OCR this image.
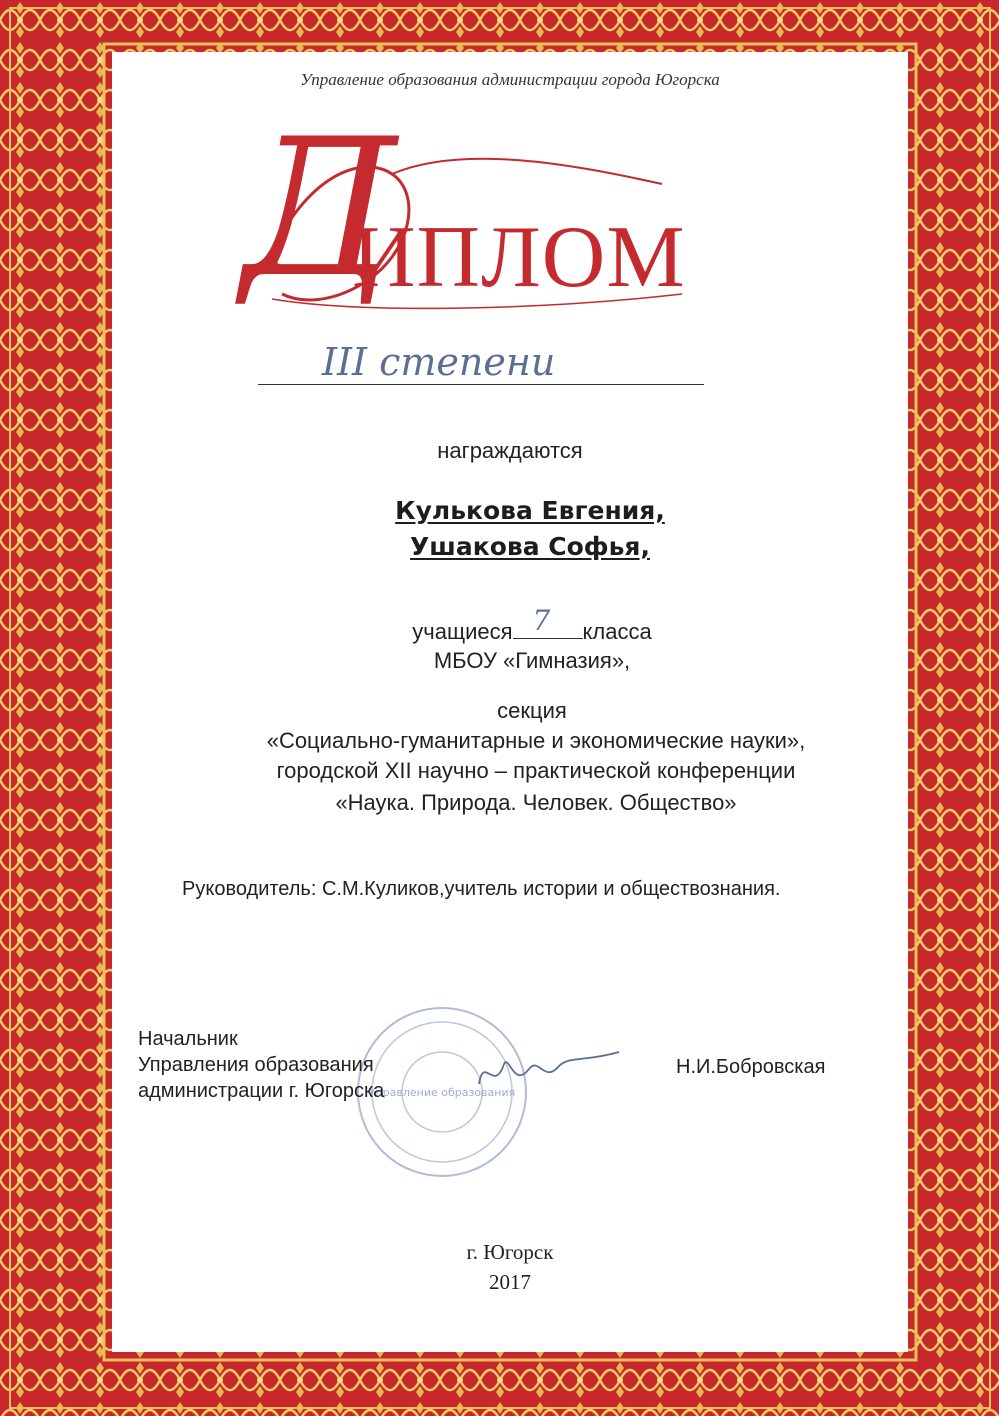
Управление образования администрации города Югорска
Д
ИПЛОМ
III степени
награждаются
Кулькова Евгения,
Ушакова Софья,
учащиеся 7 класса
МБОУ «Гимназия»,
секция
«Социально-гуманитарные и экономические науки»,
городской XII научно – практической конференции
«Наука. Природа. Человек. Общество»
Руководитель: С.М.Куликов,учитель истории и обществознания.
Управление образования
Начальник
Управления образования
администрации г. Югорска
Н.И.Бобровская
г. Югорск
2017
